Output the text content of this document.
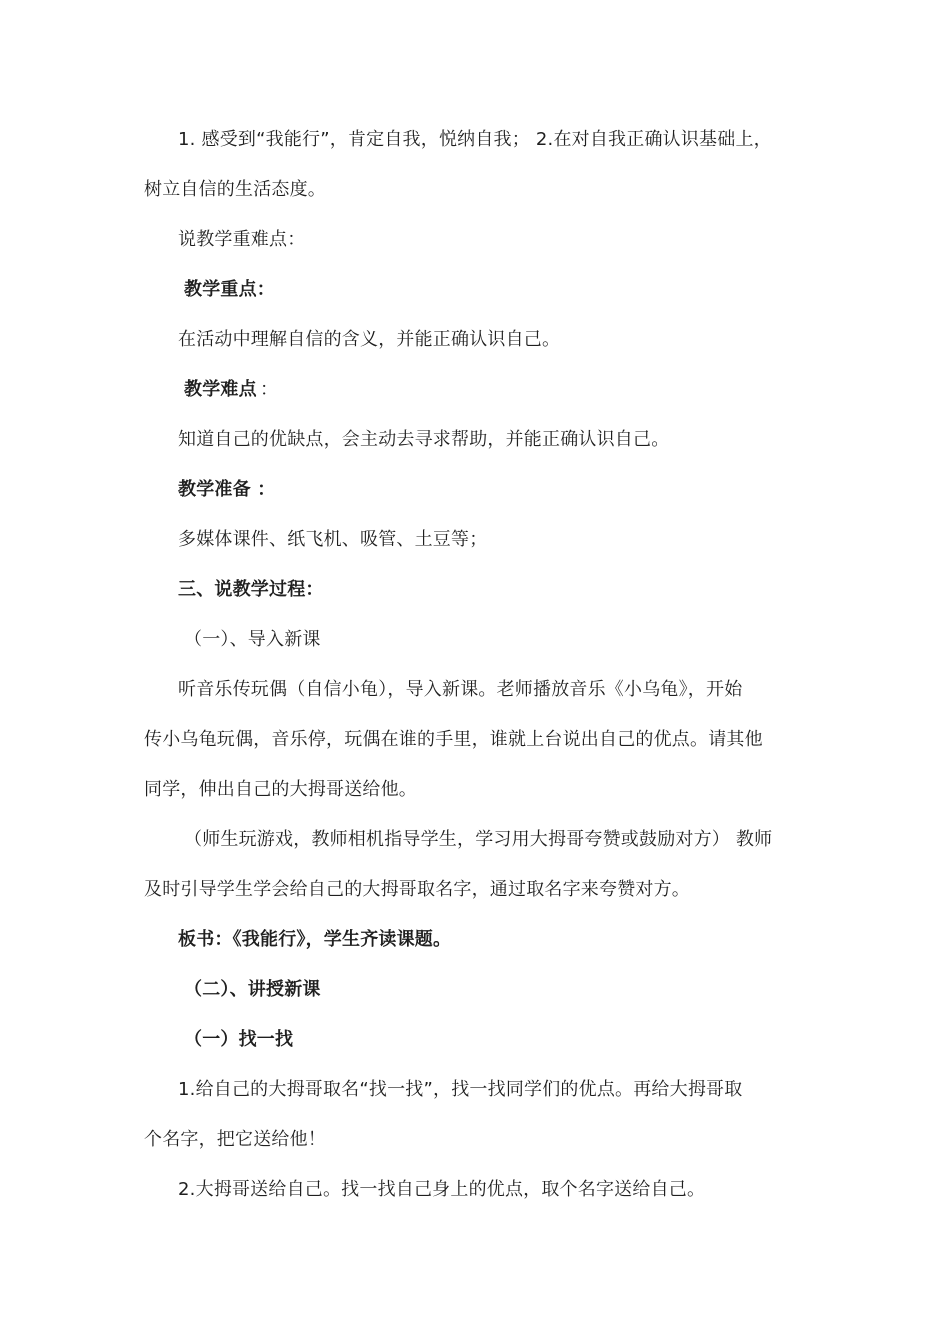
1. 感受到“我能行”，肯定自我，悦纳自我； 2.在对自我正确认识基础上，
树立自信的生活态度。
说教学重难点：
教学重点：
在活动中理解自信的含义，并能正确认识自己。
教学难点 ：
知道自己的优缺点，会主动去寻求帮助，并能正确认识自己。
教学准备 ：
多媒体课件、纸飞机、吸管、土豆等；
三、说教学过程：
（一）、导入新课
听音乐传玩偶（自信小龟），导入新课。老师播放音乐《小乌龟》，开始
传小乌龟玩偶，音乐停，玩偶在谁的手里，谁就上台说出自己的优点。请其他
同学，伸出自己的大拇哥送给他。
（师生玩游戏，教师相机指导学生，学习用大拇哥夸赞或鼓励对方） 教师
及时引导学生学会给自己的大拇哥取名字，通过取名字来夸赞对方。
板书：《我能行》，学生齐读课题。
（二）、讲授新课
（一）找一找
1.给自己的大拇哥取名“找一找”，找一找同学们的优点。再给大拇哥取
个名字，把它送给他！
2.大拇哥送给自己。找一找自己身上的优点，取个名字送给自己。
